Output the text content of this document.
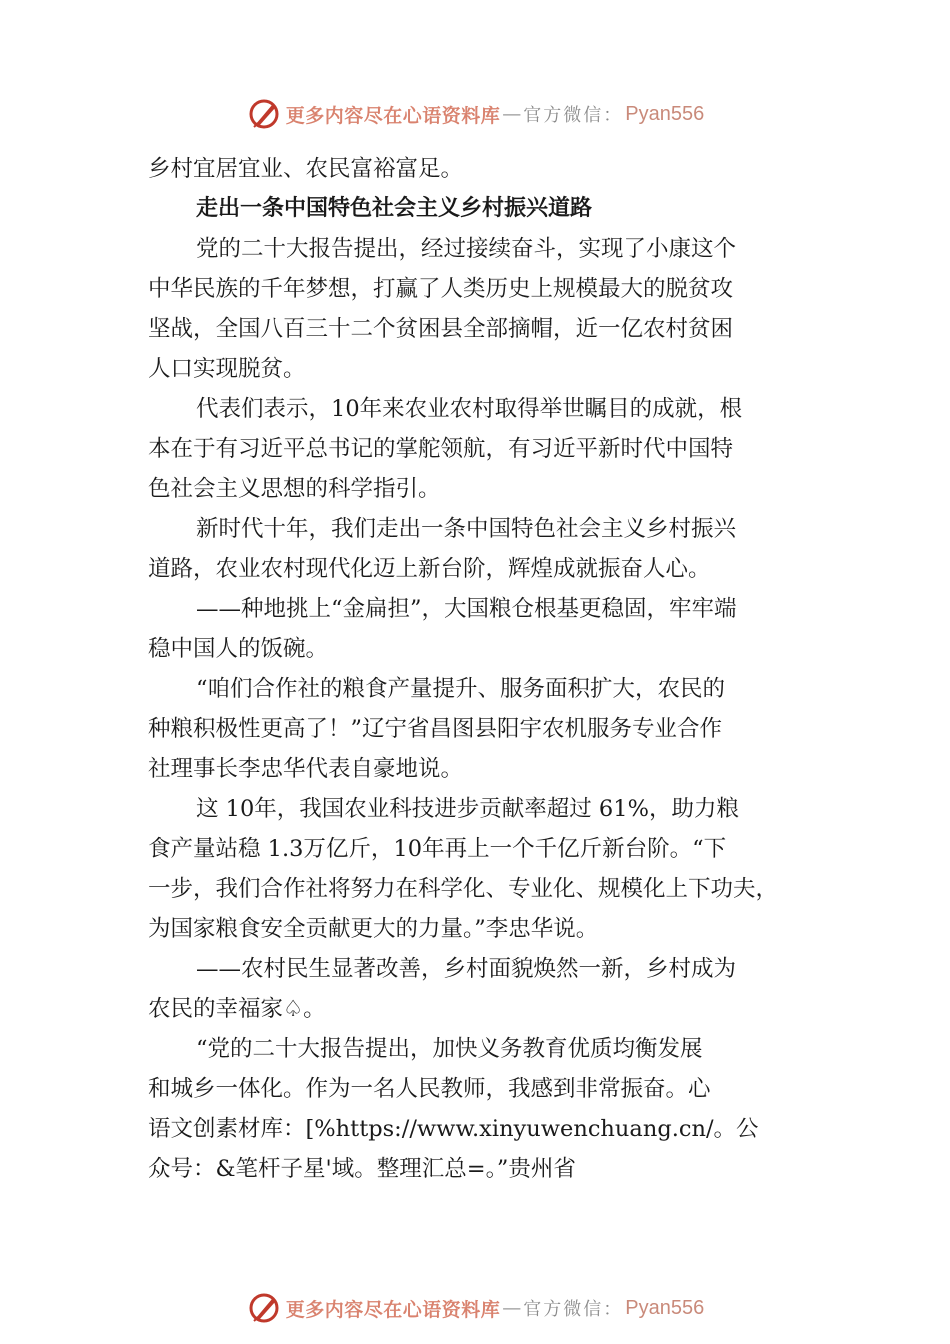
更多内容尽在心语资料库 — 官方微信： Pyan556
乡村宜居宜业、农民富裕富足。
走出一条中国特色社会主义乡村振兴道路
党的二十大报告提出，经过接续奋斗，实现了小康这个
中华民族的千年梦想，打赢了人类历史上规模最大的脱贫攻
坚战，全国八百三十二个贫困县全部摘帽，近一亿农村贫困
人口实现脱贫。
代表们表示，10年来农业农村取得举世瞩目的成就，根
本在于有习近平总书记的掌舵领航，有习近平新时代中国特
色社会主义思想的科学指引。
新时代十年，我们走出一条中国特色社会主义乡村振兴
道路，农业农村现代化迈上新台阶，辉煌成就振奋人心。
——种地挑上“金扁担”，大国粮仓根基更稳固，牢牢端
稳中国人的饭碗。
“咱们合作社的粮食产量提升、服务面积扩大，农民的
种粮积极性更高了！”辽宁省昌图县阳宇农机服务专业合作
社理事长李忠华代表自豪地说。
这 10年，我国农业科技进步贡献率超过 61%，助力粮
食产量站稳 1.3万亿斤，10年再上一个千亿斤新台阶。“下
一步，我们合作社将努力在科学化、专业化、规模化上下功夫，
为国家粮食安全贡献更大的力量。”李忠华说。
——农村民生显著改善，乡村面貌焕然一新，乡村成为
农民的幸福家♤。
“党的二十大报告提出，加快义务教育优质均衡发展
和城乡一体化。作为一名人民教师，我感到非常振奋。心
语文创素材库：[%https://www.xinyuwenchuang.cn/。公
众号：&笔杆子星'域。整理汇总=。”贵州省
更多内容尽在心语资料库 — 官方微信： Pyan556
